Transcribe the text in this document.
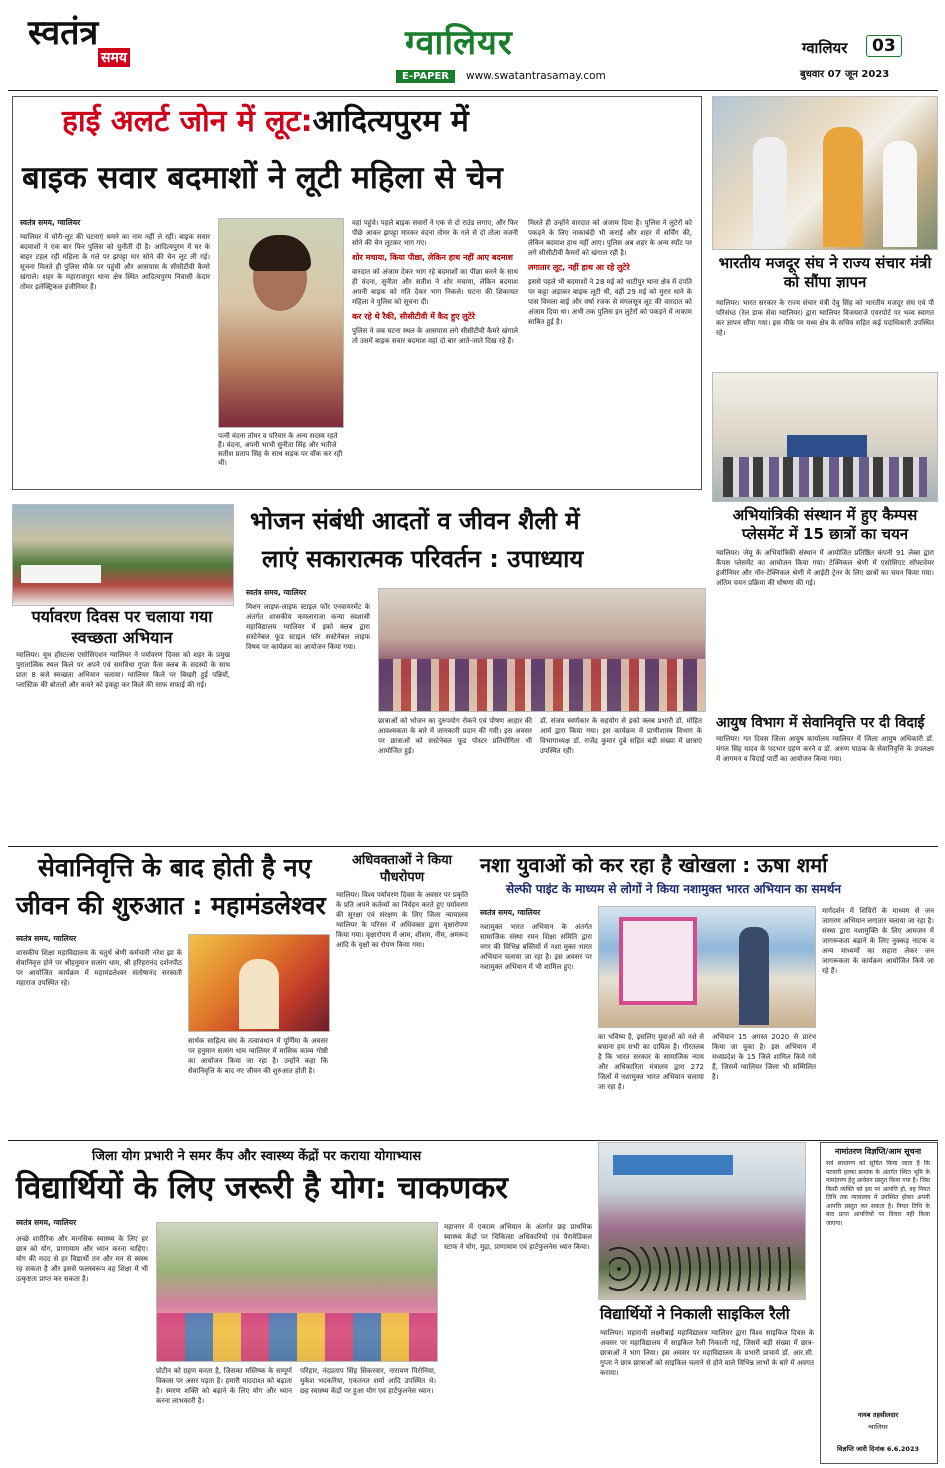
स्वतंत्र
समय	ग्वालियर
E-PAPER	www.swatantrasamay.com
ग्वालियर	03
बुधवार 07 जून 2023
हाई अलर्ट जोन में लूट:आदित्यपुरम में
बाइक सवार बदमाशों ने लूटी महिला से चेन
स्वतंत्र समय, ग्वालियर
ग्वालियर में चोरी-लूट की घटनाएं थमने का नाम नहीं ले रहीं। बाइक सवार बदमाशों ने एक बार फिर पुलिस को चुनौती दी है। आदित्यपुरम में घर के बाहर टहल रही महिला के गले पर झपट्टा मार सोने की चेन लूट ली गई। सूचना मिलते ही पुलिस मौके पर पहुंची और आसपास के सीसीटीवी कैमरे खंगाले। शहर के महाराजपुरा थाना क्षेत्र स्थित आदित्यपुरम निवासी केदार तोमर इलेक्ट्रिकल इंजीनियर हैं।
पत्नी वंदना तोमर व परिवार के अन्य सदस्य रहते हैं। वंदना, अपनी भाभी सुनीता सिंह और भतीजे सतीश प्रताप सिंह के साथ सड़क पर वॉक कर रही थीं।
वहां पहुंचे। पहले बाइक सवारों ने एक से दो राउंड लगाए, और फिर पीछे आकर झपट्टा मारकर वंदना तोमर के गले से दो तोला वजनी सोने की चेन लूटकर भाग गए।
शोर मचाया, किया पीछा, लेकिन हाथ नहीं आए बदमाश
वारदात को अंजाम देकर भाग रहे बदमाशों का पीछा करने के साथ ही वंदना, सुनीता और सतीश ने शोर मचाया, लेकिन बदमाश अपनी बाइक को गति देकर भाग निकले। घटना की शिकायत महिला ने पुलिस को सूचना दी।
कर रहे थे रैकी, सीसीटीवी में कैद हुए लुटेरे
पुलिस ने जब घटना स्थल के आसपास लगे सीसीटीवी कैमरे खंगाले तो उसमें बाइक सवार बदमाश वहां दो बार आते-जाते दिख रहे हैं।
मिलते ही उन्होंने वारदात को अंजाम दिया है। पुलिस ने लुटेरों को पकड़ने के लिए नाकाबंदी भी कराई और शहर में सर्चिंग की, लेकिन बदमाश हाथ नहीं आए। पुलिस अब शहर के अन्य स्पॉट पर लगे सीसीटीवी कैमरों को खंगाल रही है।
लगातार लूट, नहीं हाथ आ रहे लुटेरे
इससे पहले भी बदमाशों ने 28 मई को थाटीपुर थाना क्षेत्र में दंपति पर कट्टा अड़ाकर बाइक लूटी थी, वहीं 29 मई को मुरार थाने के पास विमला बाई और वर्षा रजक से मंगलसूत्र लूट की वारदात को अंजाम दिया था। अभी तक पुलिस इन लुटेरों को पकड़ने में नाकाम साबित हुई है।
भारतीय मजदूर संघ ने राज्य संचार मंत्री को सौंपा ज्ञापन
ग्वालियर। भारत सरकार के राज्य संचार मंत्री देवु सिंह को भारतीय मजदूर संघ एवं पी परिसंघ्ठ (रेल डाक सेवा ग्वालियर) द्वारा ग्वालियर विजयराजे एयरपोर्ट पर भव्य स्वागत कर ज्ञापन सौंपा गया। इस मौके पर मध्य क्षेत्र के सचिव सहित कई पदाधिकारी उपस्थित रहे।
अभियांत्रिकी संस्थान में हुए कैम्पस प्लेसमेंट में 15 छात्रों का चयन
ग्वालियर। जेयू के अभियांत्रिकी संस्थान में आयोजित प्रतिष्ठित कंपनी 91 लेब्स द्वारा कैंपस प्लेसमेंट का आयोजन किया गया। टेक्निकल श्रेणी में एसोसिएट सॉफ्टवेयर इंजीनियर और नॉन-टेक्निकल श्रेणी में आईटी ट्रेनर के लिए छात्रों का चयन किया गया। अंतिम चयन प्रक्रिया की घोषणा की गई।
आयुष विभाग में सेवानिवृत्ति पर दी विदाई
ग्वालियर। गत दिवस जिला आयुष कार्यालय ग्वालियर में जिला आयुष अधिकारी डॉ. मंगल सिंह यादव के पदभार ग्रहण करने व डॉ. अरुण पाठक के सेवानिवृत्ति के उपलक्ष्य में आगमन व विदाई पार्टी का आयोजन किया गया।
पर्यावरण दिवस पर चलाया गया स्वच्छता अभियान
ग्वालियर। यूथ हॉस्टल्स एसोसिएशन ग्वालियर ने पर्यावरण दिवस को शहर के प्रमुख पुरातात्विक स्थल किले पर अपने एवं समविधा गुप्ता फैंस क्लब के सदस्यों के साथ प्रातः 8 बजे स्वच्छता अभियान चलाया। ग्वालियर किले पर बिखरी हुई पन्नियों, प्लास्टिक की बोतलों और कचरे को इकट्ठा कर किले की साफ सफाई की गई।
भोजन संबंधी आदतों व जीवन शैली में
लाएं सकारात्मक परिवर्तन : उपाध्याय
स्वतंत्र समय, ग्वालियर
मिशन लाइफ-लाइफ स्टाइल फॉर एनवायरमेंट के अंतर्गत शासकीय कमलाराजा कन्या स्वशासी महाविद्यालय ग्वालियर में इको क्लब द्वारा सस्टेनेबल फूड स्टाइल फॉर सस्टेनेबल लाइफ विषय पर कार्यक्रम का आयोजन किया गया।
छात्राओं को भोजन का दुरुपयोग रोकने एवं पोषण आहार की आवश्यकता के बारे में जानकारी प्रदान की गयी। इस अवसर पर छात्राओं को सस्टेनेबल फूड पोस्टर प्रतियोगिता भी आयोजित हुई।
डॉ. संजय स्वर्णकार के सहयोग से इको क्लब प्रभारी डॉ. मोहित आर्य द्वारा किया गया। इस कार्यक्रम में प्राणीशास्त्र विभाग के विभागाध्यक्ष डॉ. राजेंद्र कुमार दुबे सहित बड़ी संख्या में छात्राएं उपस्थित रहीं।
सेवानिवृत्ति के बाद होती है नए
जीवन की शुरुआत : महामंडलेश्वर
स्वतंत्र समय, ग्वालियर
शासकीय शिक्षा महाविद्यालय के चतुर्थ श्रेणी कर्मचारी नरेश झा के सेवानिवृत्त होने पर श्रीहनुमान सत्संग धाम, श्री हरिहरानंद दर्शनपीठ पर आयोजित कार्यक्रम में महामंडलेश्वर संतोषानंद सरस्वती महाराज उपस्थित रहे।
सार्थक साहित्य संघ के तत्वावधान में पूर्णिमा के अवसर पर हनुमान सत्संग धाम ग्वालियर में मासिक काव्य गोष्ठी का आयोजन किया जा रहा है। उन्होंने कहा कि सेवानिवृत्ति के बाद नए जीवन की शुरुआत होती है।
अधिवक्ताओं ने किया पौधरोपण
ग्वालियर। विश्व पर्यावरण दिवस के अवसर पर प्रकृति के प्रति अपने कर्तव्यों का निर्वहन करते हुए पर्यावरण की सुरक्षा एवं संरक्षण के लिए जिला न्यायालय ग्वालियर के परिसर में अधिवक्ता द्वारा वृक्षारोपण किया गया। वृक्षारोपण में आम, शीशम, नीम, अमरूद आदि के वृक्षों का रोपण किया गया।
नशा युवाओं को कर रहा है खोखला : ऊषा शर्मा
सेल्फी पाइंट के माध्यम से लोगों ने किया नशामुक्त भारत अभियान का समर्थन
स्वतंत्र समय, ग्वालियर
नशामुक्त भारत अभियान के अंतर्गत सामाजिक संस्था रमन शिक्षा समिति द्वारा नगर की विभिन्न बस्तियों में नशा मुक्त भारत अभियान चलाया जा रहा है। इस अवसर पर नशामुक्त अभियान में भी शामिल हुए।
का भविष्य है, इसलिए युवाओं को नशे से बचाना हम सभी का दायित्व है। गौरतलब है कि भारत सरकार के सामाजिक न्याय और अधिकारिता मंत्रालय द्वारा 272 जिलों में नशामुक्त भारत अभियान चलाया जा रहा है।
अभियान 15 अगस्त 2020 से प्रारंभ किया जा चुका है। इस अभियान में मध्यप्रदेश के 15 जिले शामिल किये गये हैं, जिसमें ग्वालियर जिला भी सम्मिलित है।
मार्गदर्शन में शिविरों के माध्यम से जन जागरण अभियान लगातार चलाया जा रहा है। संस्था द्वारा नशामुक्ति के लिए आमजन में जागरूकता बढ़ाने के लिए नुक्कड़ नाटक व अन्य माध्यमों का सहारा लेकर जन जागरूकता के कार्यक्रम आयोजित किये जा रहे हैं।
जिला योग प्रभारी ने समर कैंप और स्वास्थ्य केंद्रों पर कराया योगाभ्यास
विद्यार्थियों के लिए जरूरी है योग: चाकणकर
स्वतंत्र समय, ग्वालियर
अच्छे शारीरिक और मानसिक स्वास्थ्य के लिए हर छात्र को योग, प्राणायाम और ध्यान करना चाहिए। योग की मदद से हर विद्यार्थी तन और मन से स्वस्थ रह सकता है और इससे फलस्वरूप वह शिक्षा में भी उत्कृष्टता प्राप्त कर सकता है।
प्रोटीन को ग्रहण करता है, जिसका मस्तिष्क के सम्पूर्ण विकास पर असर पड़ता है। हमारी याददाश्त को बढ़ाता है। स्मरण शक्ति को बढ़ाने के लिए योग और ध्यान करना लाभकारी है।
परिहार, नंदप्रताप सिंह सिकरवार, नारायण पिरोनिया, मुकेश भदकरिया, एकतनत शर्मा आदि उपस्थित थे। छह स्वास्थ्य केंद्रों पर हुआ योग एवं हार्टफुलनेस ध्यान।
महानगर में एकात्म अभियान के अंतर्गत छह प्राथमिक स्वास्थ्य केंद्रों पर चिकित्सा अधिकारियों एवं पैरामेडिकल स्टाफ ने योग, मुद्रा, प्राणायाम एवं हार्टफुलनेस ध्यान किया।
विद्यार्थियों ने निकाली साइकिल रैली
ग्वालियर। महारानी लक्ष्मीबाई महाविद्यालय ग्वालियर द्वारा विश्व साइकिल दिवस के अवसर पर महाविद्यालय में साइकिल रैली निकाली गई, जिसमें बड़ी संख्या में छात्र-छात्राओं ने भाग लिया। इस अवसर पर महाविद्यालय के प्रभारी प्राचार्य डॉ. आर.सी. गुप्ता ने छात्र छात्राओं को साइकिल चलाने से होने वाले विभिन्न लाभों के बारे में अवगत कराया।
नामांतरण विज्ञप्ति/आम सूचना
सर्व साधारण को सूचित किया जाता है कि पटवारी हल्का क्रमांक के अंतर्गत स्थित भूमि के नामांतरण हेतु आवेदन प्रस्तुत किया गया है। जिस किसी व्यक्ति को इस पर आपत्ति हो, वह नियत तिथि तक न्यायालय में उपस्थित होकर अपनी आपत्ति प्रस्तुत कर सकता है। नियत तिथि के बाद प्राप्त आपत्तियों पर विचार नहीं किया जाएगा।
नायब तहसीलदार
ग्वालियर
विज्ञप्ति जारी दिनांक 6.6.2023
